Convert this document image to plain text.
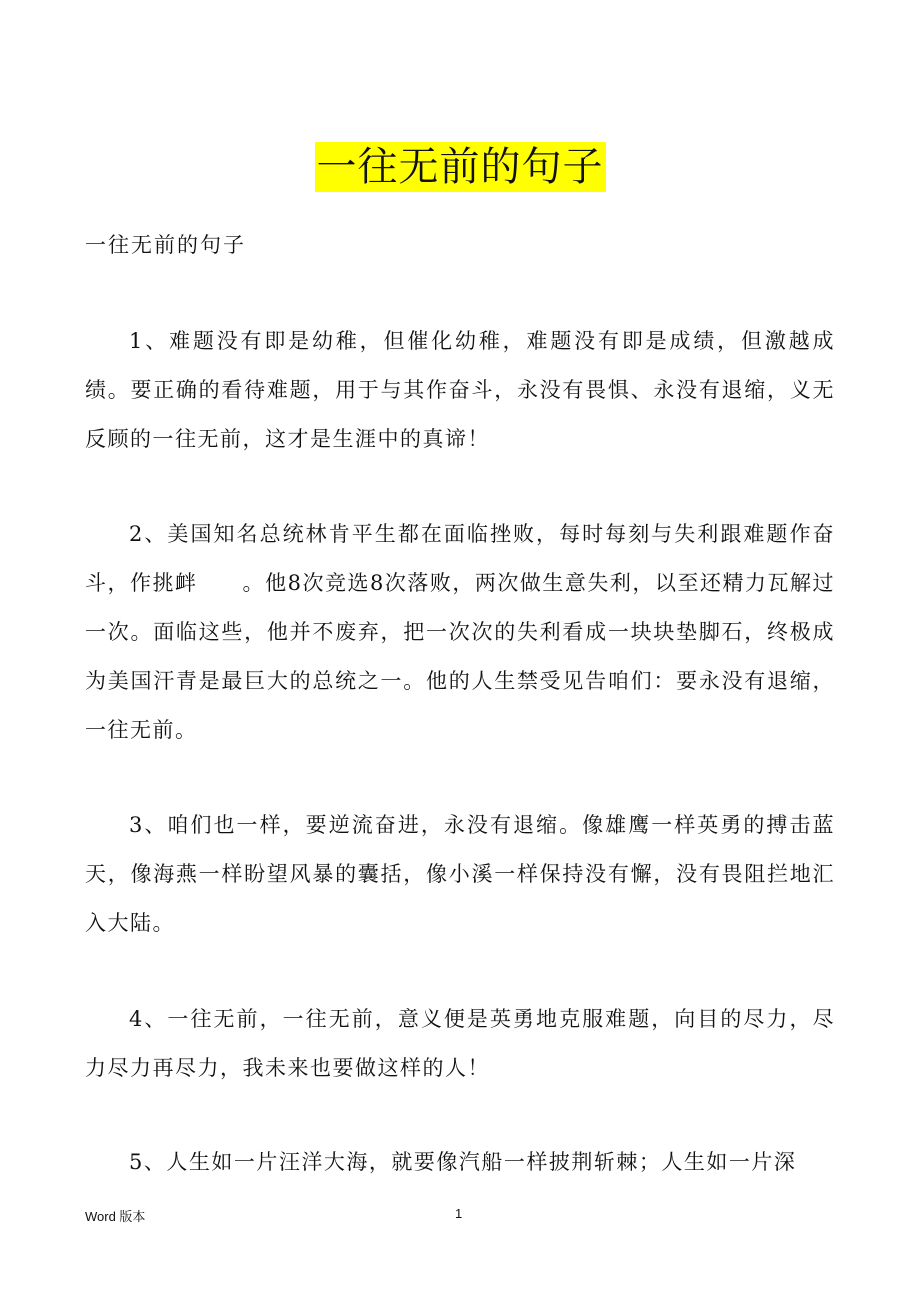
一往无前的句子
一往无前的句子

1、难题没有即是幼稚，但催化幼稚，难题没有即是成绩，但激越成绩。要正确的看待难题，用于与其作奋斗，永没有畏惧、永没有退缩，义无反顾的一往无前，这才是生涯中的真谛！

2、美国知名总统林肯平生都在面临挫败，每时每刻与失利跟难题作奋斗，作挑衅　　。他8次竞选8次落败，两次做生意失利，以至还精力瓦解过一次。面临这些，他并不废弃，把一次次的失利看成一块块垫脚石，终极成为美国汗青是最巨大的总统之一。他的人生禁受见告咱们：要永没有退缩，一往无前。

3、咱们也一样，要逆流奋进，永没有退缩。像雄鹰一样英勇的搏击蓝天，像海燕一样盼望风暴的囊括，像小溪一样保持没有懈，没有畏阻拦地汇入大陆。

4、一往无前，一往无前，意义便是英勇地克服难题，向目的尽力，尽力尽力再尽力，我未来也要做这样的人！

5、人生如一片汪洋大海，就要像汽船一样披荆斩棘；人生如一片深

Word 版本	1
